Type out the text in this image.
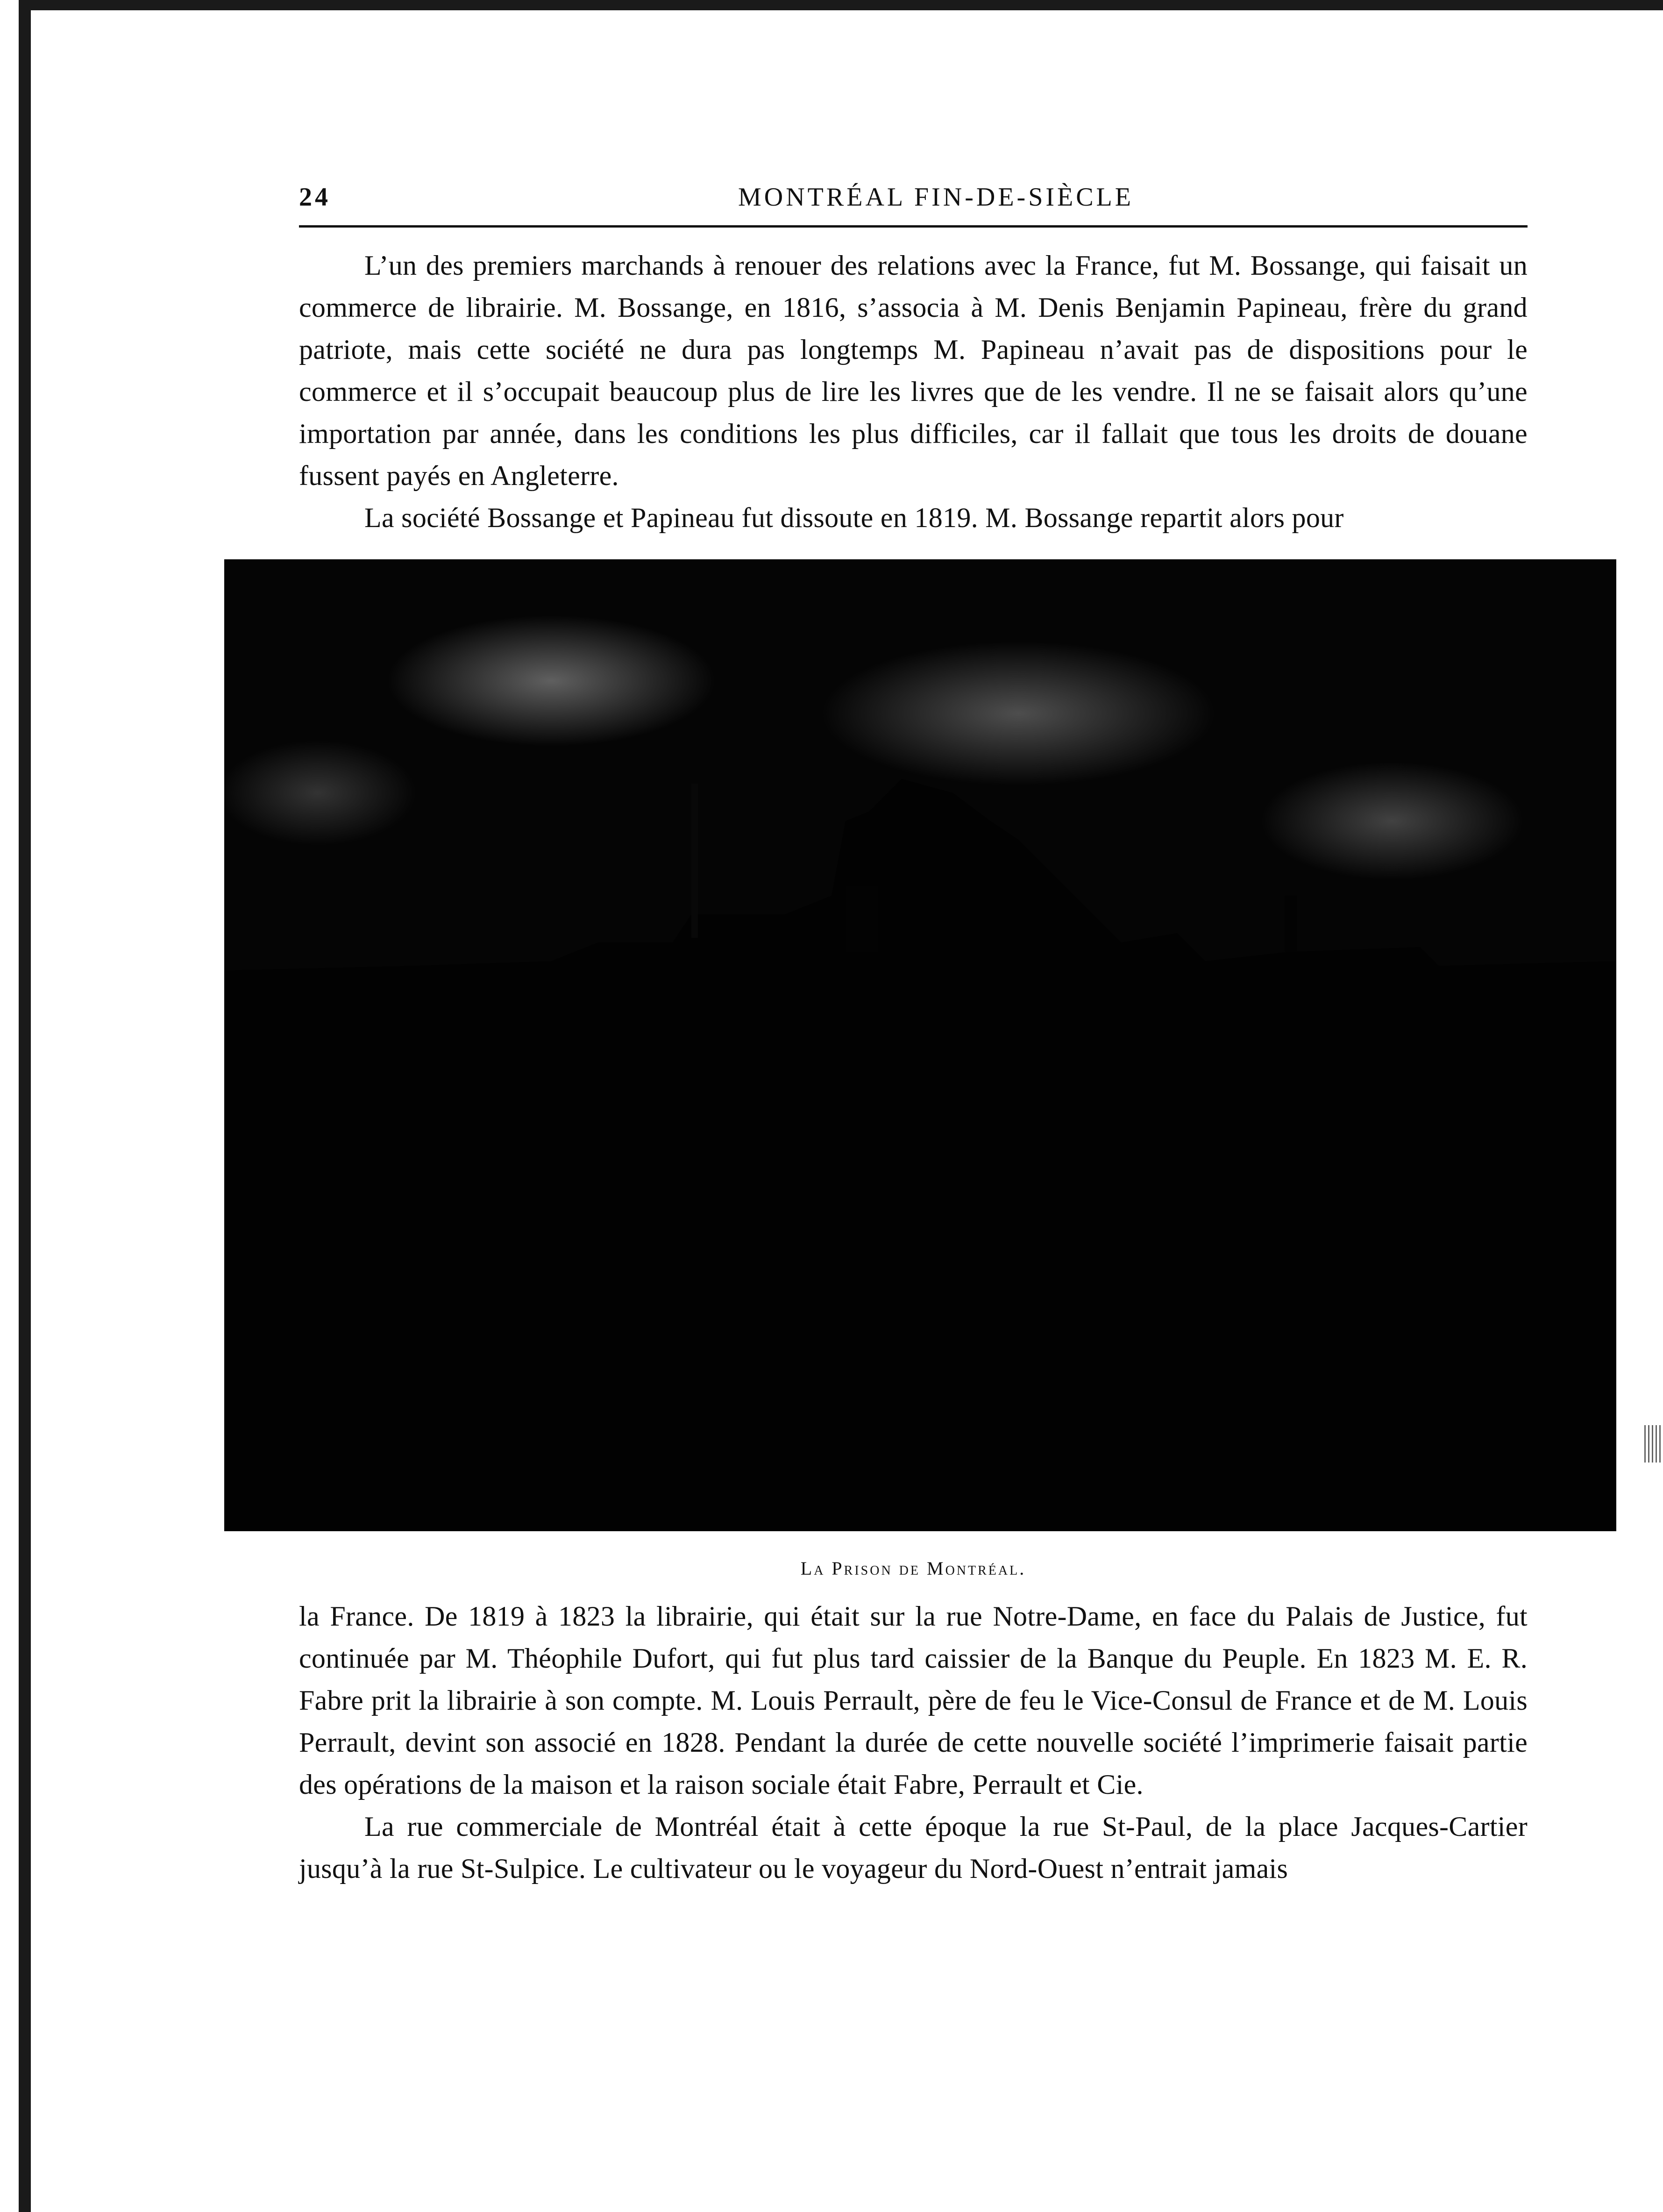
24	MONTRÉAL FIN-DE-SIÈCLE

L’un des premiers marchands à renouer des relations avec la France, fut M. Bossange, qui faisait un commerce de librairie. M. Bossange, en 1816, s’associa à M. Denis Benjamin Papineau, frère du grand patriote, mais cette société ne dura pas longtemps M. Papineau n’avait pas de dispositions pour le commerce et il s’occupait beaucoup plus de lire les livres que de les vendre. Il ne se faisait alors qu’une importation par année, dans les conditions les plus difficiles, car il fallait que tous les droits de douane fussent payés en Angleterre.

La société Bossange et Papineau fut dissoute en 1819. M. Bossange repartit alors pour

La Prison de Montréal.

la France. De 1819 à 1823 la librairie, qui était sur la rue Notre-Dame, en face du Palais de Justice, fut continuée par M. Théophile Dufort, qui fut plus tard caissier de la Banque du Peuple. En 1823 M. E. R. Fabre prit la librairie à son compte. M. Louis Perrault, père de feu le Vice-Consul de France et de M. Louis Perrault, devint son associé en 1828. Pendant la durée de cette nouvelle société l’imprimerie faisait partie des opérations de la maison et la raison sociale était Fabre, Perrault et Cie.

La rue commerciale de Montréal était à cette époque la rue St-Paul, de la place Jacques-Cartier jusqu’à la rue St-Sulpice. Le cultivateur ou le voyageur du Nord-Ouest n’entrait jamais
